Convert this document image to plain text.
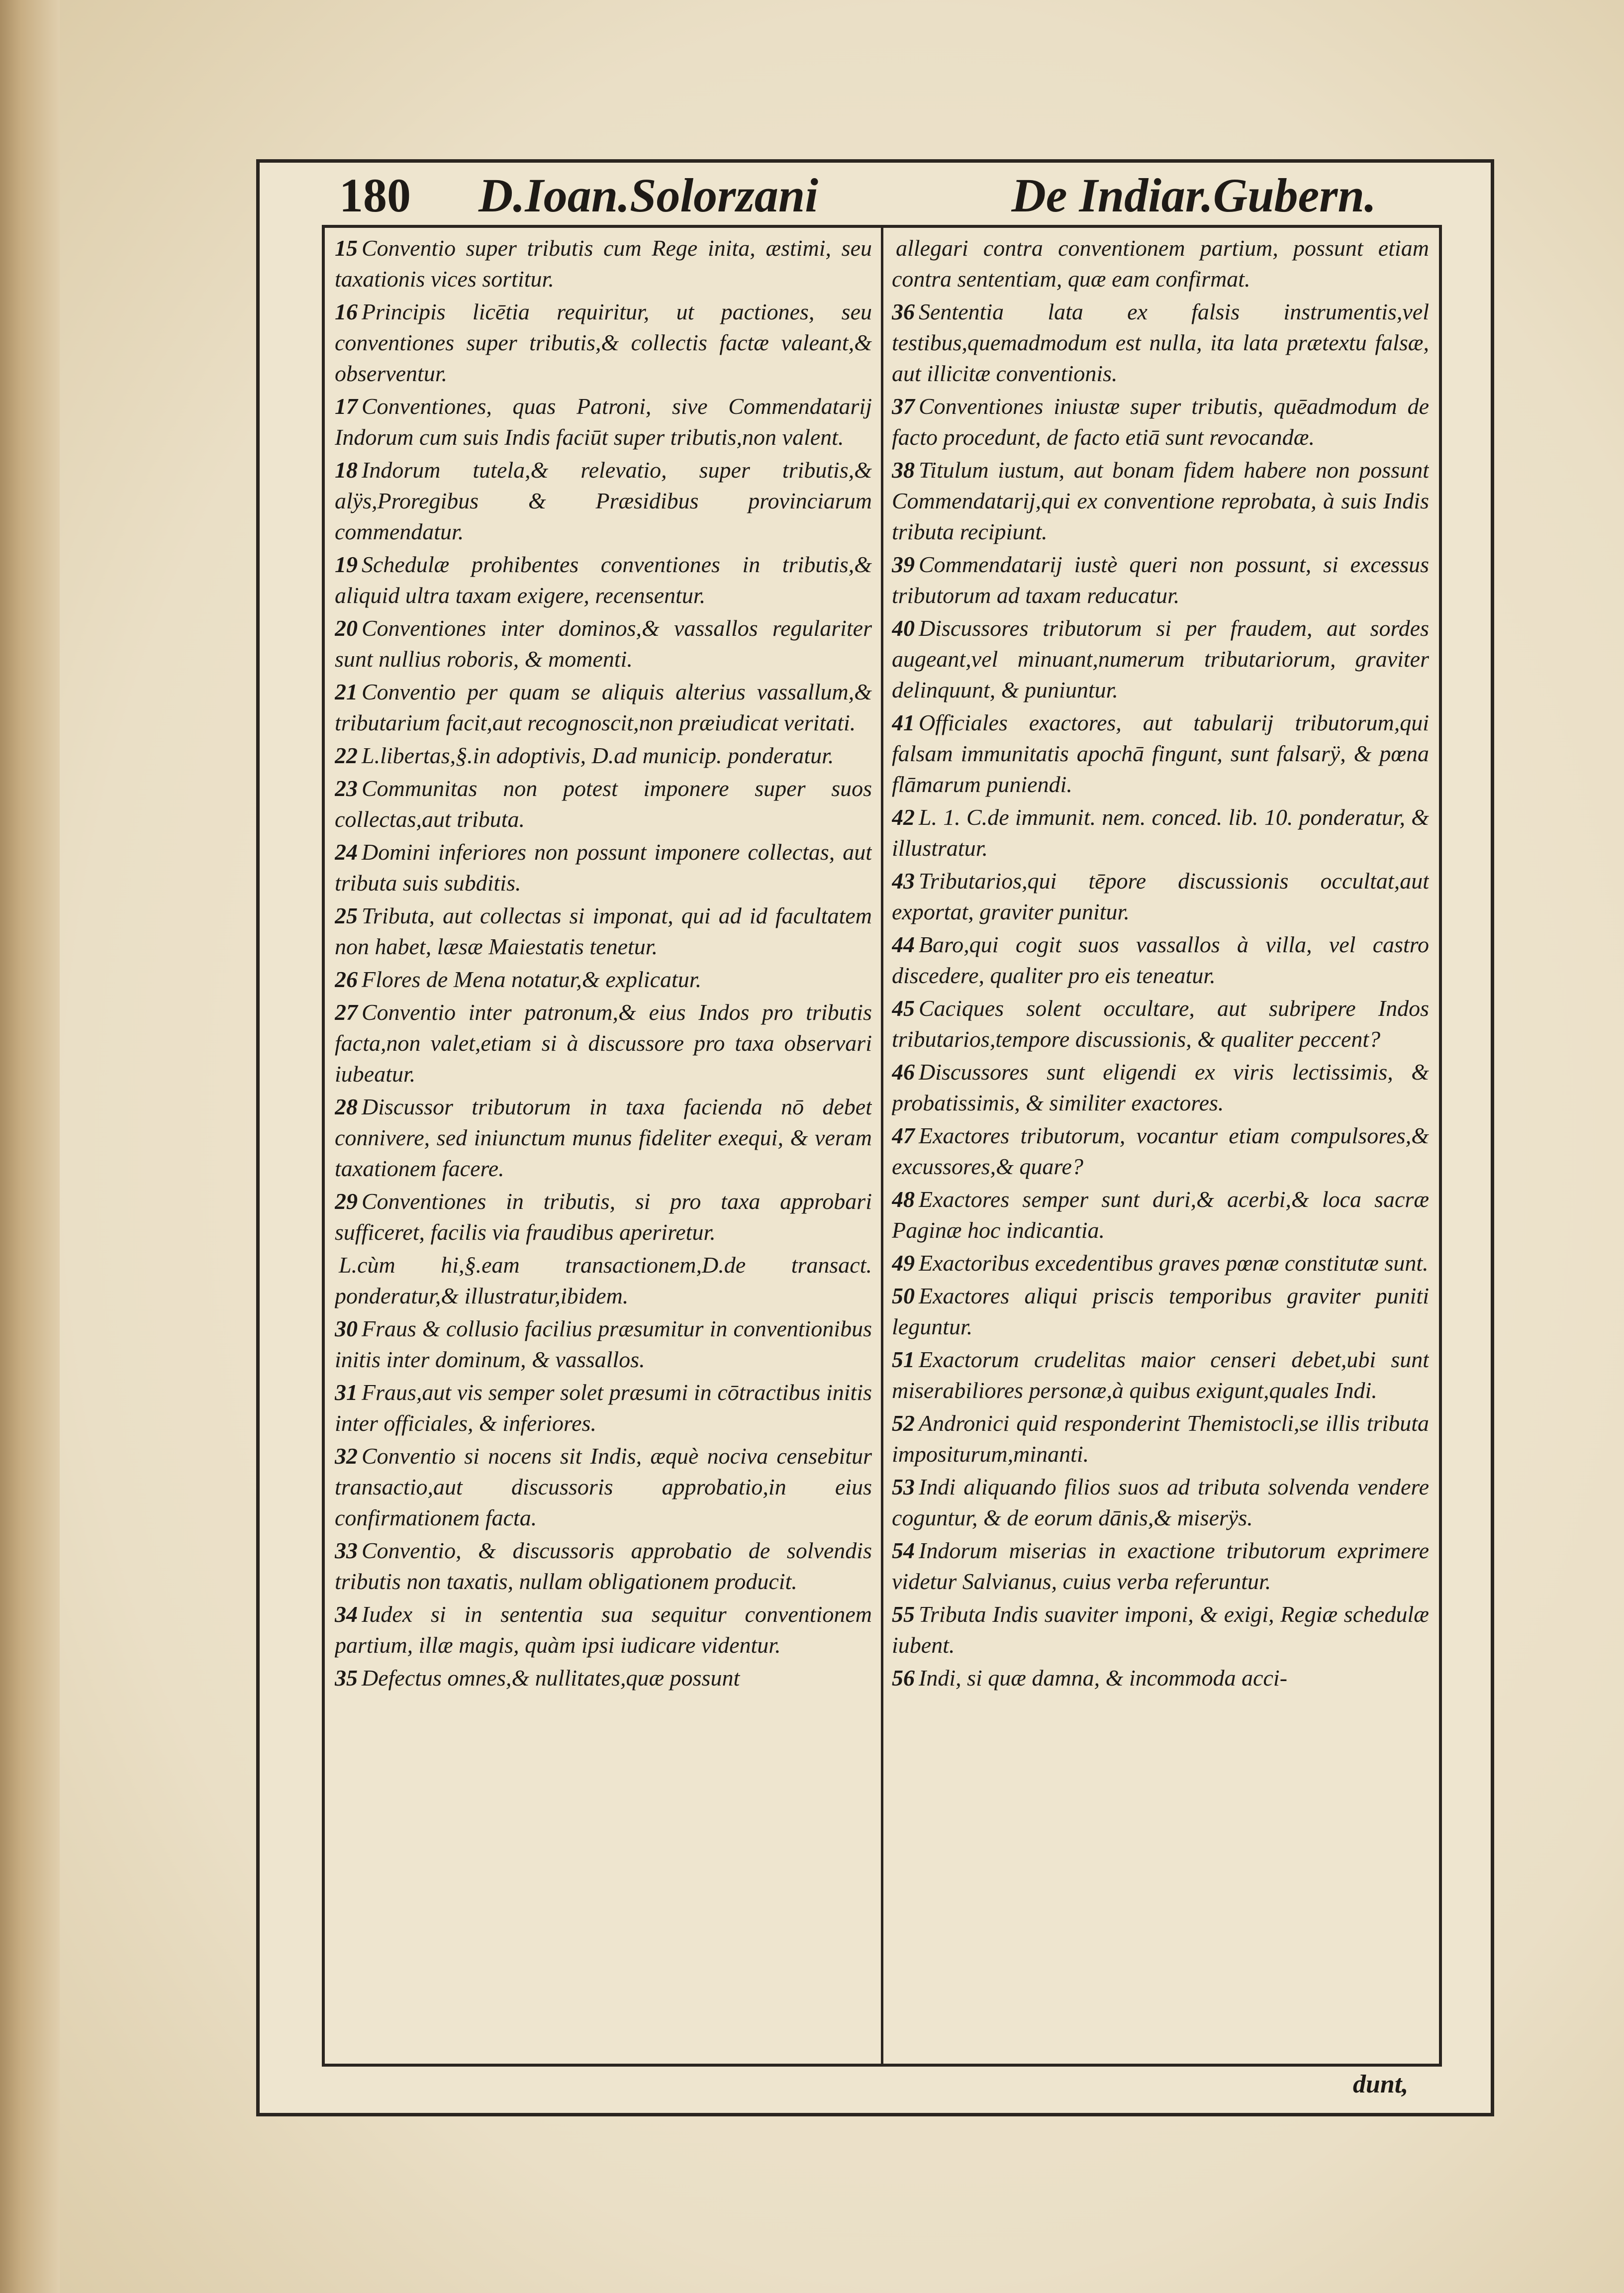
180 D.Ioan.Solorzani	De Indiar.Gubern.
15 Conventio super tributis cum Rege inita, æstimi, seu taxationis vices sortitur.
16 Principis licētia requiritur, ut pactiones, seu conventiones super tributis,& collectis factæ valeant,& observentur.
17 Conventiones, quas Patroni, sive Commendatarij Indorum cum suis Indis faciūt super tributis,non valent.
18 Indorum tutela,& relevatio, super tributis,& alÿs,Proregibus & Præsidibus provinciarum commendatur.
19 Schedulæ prohibentes conventiones in tributis,& aliquid ultra taxam exigere, recensentur.
20 Conventiones inter dominos,& vassallos regulariter sunt nullius roboris, & momenti.
21 Conventio per quam se aliquis alterius vassallum,& tributarium facit,aut recognoscit,non præiudicat veritati.
22 L.libertas,§.in adoptivis, D.ad municip. ponderatur.
23 Communitas non potest imponere super suos collectas,aut tributa.
24 Domini inferiores non possunt imponere collectas, aut tributa suis subditis.
25 Tributa, aut collectas si imponat, qui ad id facultatem non habet, læsæ Maiestatis tenetur.
26 Flores de Mena notatur,& explicatur.
27 Conventio inter patronum,& eius Indos pro tributis facta,non valet,etiam si à discussore pro taxa observari iubeatur.
28 Discussor tributorum in taxa facienda nō debet connivere, sed iniunctum munus fideliter exequi, & veram taxationem facere.
29 Conventiones in tributis, si pro taxa approbari sufficeret, facilis via fraudibus aperiretur.
L.cùm hi,§.eam transactionem,D.de transact. ponderatur,& illustratur,ibidem.
30 Fraus & collusio facilius præsumitur in conventionibus initis inter dominum, & vassallos.
31 Fraus,aut vis semper solet præsumi in cōtractibus initis inter officiales, & inferiores.
32 Conventio si nocens sit Indis, æquè nociva censebitur transactio,aut discussoris approbatio,in eius confirmationem facta.
33 Conventio, & discussoris approbatio de solvendis tributis non taxatis, nullam obligationem producit.
34 Iudex si in sententia sua sequitur conventionem partium, illæ magis, quàm ipsi iudicare videntur.
35 Defectus omnes,& nullitates,quæ possunt
allegari contra conventionem partium, possunt etiam contra sententiam, quæ eam confirmat.
36 Sententia lata ex falsis instrumentis,vel testibus,quemadmodum est nulla, ita lata prætextu falsæ, aut illicitæ conventionis.
37 Conventiones iniustæ super tributis, quēadmodum de facto procedunt, de facto etiā sunt revocandæ.
38 Titulum iustum, aut bonam fidem habere non possunt Commendatarij,qui ex conventione reprobata, à suis Indis tributa recipiunt.
39 Commendatarij iustè queri non possunt, si excessus tributorum ad taxam reducatur.
40 Discussores tributorum si per fraudem, aut sordes augeant,vel minuant,numerum tributariorum, graviter delinquunt, & puniuntur.
41 Officiales exactores, aut tabularij tributorum,qui falsam immunitatis apochā fingunt, sunt falsarÿ, & pœna flāmarum puniendi.
42 L. 1. C.de immunit. nem. conced. lib. 10. ponderatur, & illustratur.
43 Tributarios,qui tēpore discussionis occultat,aut exportat, graviter punitur.
44 Baro,qui cogit suos vassallos à villa, vel castro discedere, qualiter pro eis teneatur.
45 Caciques solent occultare, aut subripere Indos tributarios,tempore discussionis, & qualiter peccent?
46 Discussores sunt eligendi ex viris lectissimis, & probatissimis, & similiter exactores.
47 Exactores tributorum, vocantur etiam compulsores,& excussores,& quare?
48 Exactores semper sunt duri,& acerbi,& loca sacræ Paginæ hoc indicantia.
49 Exactoribus excedentibus graves pœnæ constitutæ sunt.
50 Exactores aliqui priscis temporibus graviter puniti leguntur.
51 Exactorum crudelitas maior censeri debet,ubi sunt miserabiliores personæ,à quibus exigunt,quales Indi.
52 Andronici quid responderint Themistocli,se illis tributa impositurum,minanti.
53 Indi aliquando filios suos ad tributa solvenda vendere coguntur, & de eorum dānis,& miserÿs.
54 Indorum miserias in exactione tributorum exprimere videtur Salvianus, cuius verba referuntur.
55 Tributa Indis suaviter imponi, & exigi, Regiæ schedulæ iubent.
56 Indi, si quæ damna, & incommoda acci-
dunt,
